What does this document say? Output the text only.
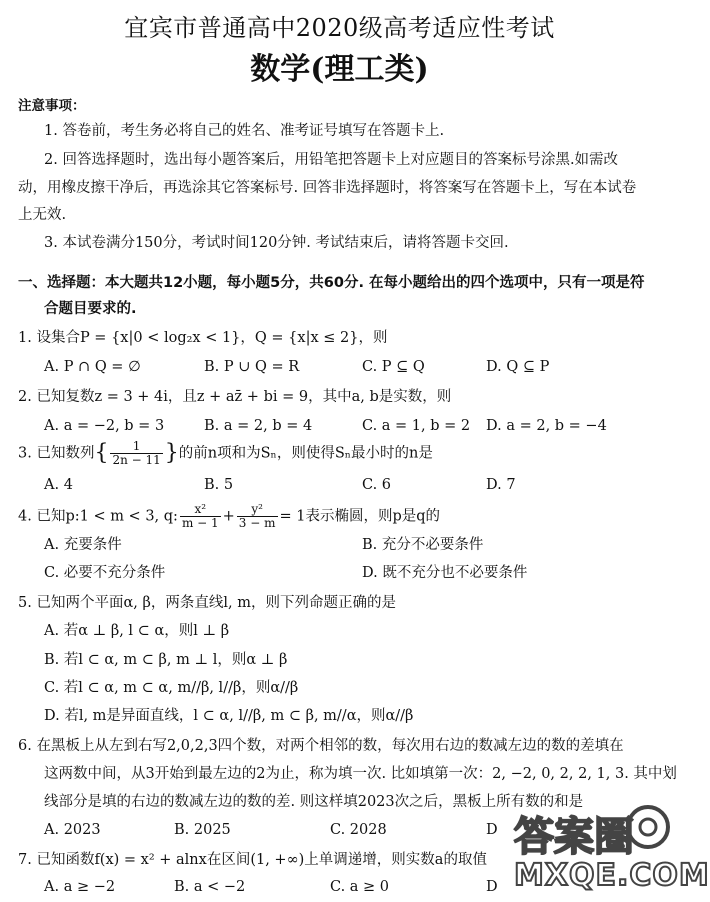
宜宾市普通高中2020级高考适应性考试
数学(理工类)
注意事项：
1. 答卷前，考生务必将自己的姓名、准考证号填写在答题卡上.
2. 回答选择题时，选出每小题答案后，用铅笔把答题卡上对应题目的答案标号涂黑.如需改
动，用橡皮擦干净后，再选涂其它答案标号. 回答非选择题时，将答案写在答题卡上，写在本试卷
上无效.
3. 本试卷满分150分，考试时间120分钟. 考试结束后，请将答题卡交回.
一、选择题：本大题共12小题，每小题5分，共60分. 在每小题给出的四个选项中，只有一项是符
合题目要求的.
1. 设集合P = {x|0 < log₂x < 1}，Q = {x|x ≤ 2}，则
A. P ∩ Q = ∅	B. P ∪ Q = R	C. P ⊆ Q	D. Q ⊆ P
2. 已知复数z = 3 + 4i，且z + az̄ + bi = 9，其中a, b是实数，则
A. a = −2, b = 3	B. a = 2, b = 4	C. a = 1, b = 2 D. a = 2, b = −4
3. 已知数列{ $\frac{1}{2n - 11}$ }的前n项和为Sₙ，则使得Sₙ最小时的n是
A. 4	B. 5	C. 6	D. 7
4. 已知p:1 < m < 3, q: $\frac{\text{x²}}{m - 1} + \frac{\text{y²}}{3 - m} = 1$表示椭圆，则p是q的
A. 充要条件	B. 充分不必要条件
C. 必要不充分条件	D. 既不充分也不必要条件
5. 已知两个平面α, β，两条直线l, m，则下列命题正确的是
A. 若α ⊥ β, l ⊂ α，则l ⊥ β
B. 若l ⊂ α, m ⊂ β, m ⊥ l，则α ⊥ β
C. 若l ⊂ α, m ⊂ α, m//β, l//β，则α//β
D. 若l, m是异面直线，l ⊂ α, l//β, m ⊂ β, m//α，则α//β
6. 在黑板上从左到右写2,0,2,3四个数，对两个相邻的数，每次用右边的数减左边的数的差填在
这两数中间，从3开始到最左边的2为止，称为填一次. 比如填第一次：2, −2, 0, 2, 2, 1, 3. 其中划
线部分是填的右边的数减左边的数的差. 则这样填2023次之后，黑板上所有数的和是
A. 2023	B. 2025	C. 2028	D
7. 已知函数f(x) = x² + alnx在区间(1, +∞)上单调递增，则实数a的取值
A. a ≥ −2	B. a < −2	C. a ≥ 0	D
答案圈
MXQE.COM
